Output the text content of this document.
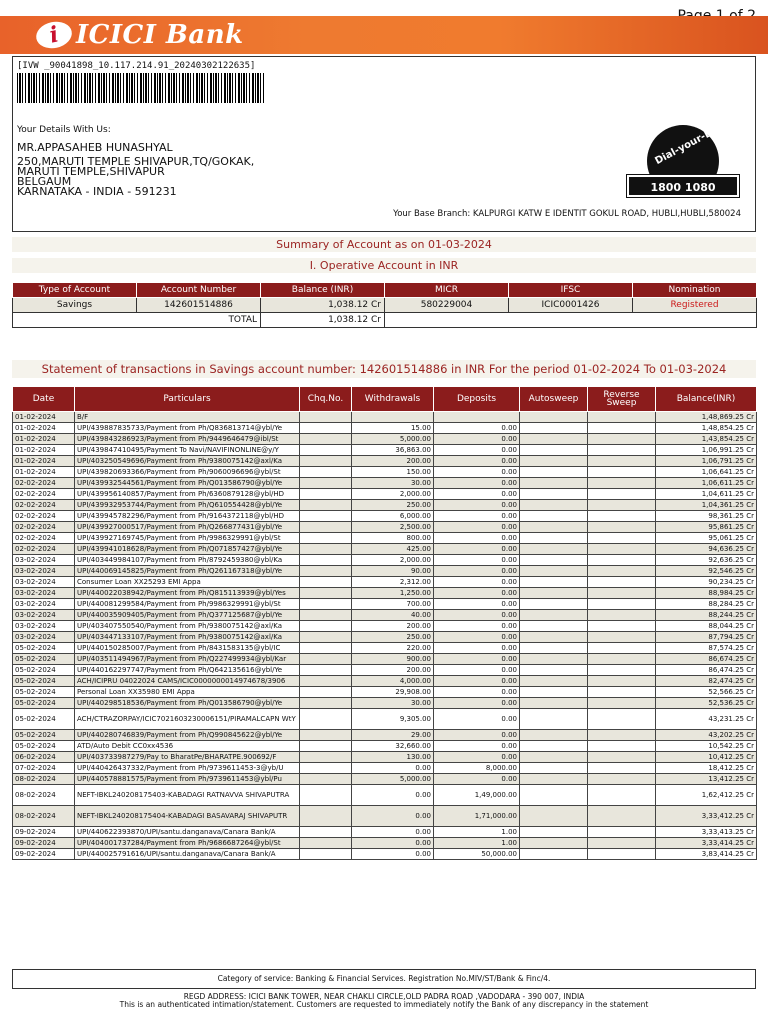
i ICICI Bank
[IVW _90041898_10.117.214.91_20240302122635]
Your Details With Us:
MR.APPASAHEB HUNASHYAL
250,MARUTI TEMPLE SHIVAPUR,TQ/GOKAK,
MARUTI TEMPLE,SHIVAPUR
BELGAUM
KARNATAKA - INDIA - 591231
Dial-your-Bank
1800 1080
Your Base Branch: KALPURGI KATW E IDENTIT GOKUL ROAD, HUBLI,HUBLI,580024
Summary of Account as on 01-03-2024
I. Operative Account in INR
Type of Account	Account Number	Balance (INR)	MICR	IFSC	Nomination
Savings	142601514886	1,038.12 Cr	580229004	ICIC0001426	Registered
TOTAL		1,038.12 Cr			
Statement of transactions in Savings account number: 142601514886 in INR For the period 01-02-2024 To 01-03-2024
Date	Particulars	Chq.No.	Withdrawals	Deposits	Autosweep	Reverse Sweep	Balance(INR)
01-02-2024	B/F						1,48,869.25 Cr
01-02-2024	UPI/439887835733/Payment from Ph/Q836813714@ybl/Ye		15.00	0.00			1,48,854.25 Cr
01-02-2024	UPI/439843286923/Payment from Ph/9449646479@ibl/St		5,000.00	0.00			1,43,854.25 Cr
01-02-2024	UPI/439847410495/Payment To Navi/NAVIFINONLINE@y/Y		36,863.00	0.00			1,06,991.25 Cr
01-02-2024	UPI/403250549696/Payment from Ph/9380075142@axl/Ka		200.00	0.00			1,06,791.25 Cr
01-02-2024	UPI/439820693366/Payment from Ph/9060096696@ybl/St		150.00	0.00			1,06,641.25 Cr
02-02-2024	UPI/439932544561/Payment from Ph/Q013586790@ybl/Ye		30.00	0.00			1,06,611.25 Cr
02-02-2024	UPI/439956140857/Payment from Ph/6360879128@ybl/HD		2,000.00	0.00			1,04,611.25 Cr
02-02-2024	UPI/439932953744/Payment from Ph/Q610554428@ybl/Ye		250.00	0.00			1,04,361.25 Cr
02-02-2024	UPI/439945782296/Payment from Ph/9164372118@ybl/HD		6,000.00	0.00			98,361.25 Cr
02-02-2024	UPI/439927000517/Payment from Ph/Q266877431@ybl/Ye		2,500.00	0.00			95,861.25 Cr
02-02-2024	UPI/439927169745/Payment from Ph/9986329991@ybl/St		800.00	0.00			95,061.25 Cr
02-02-2024	UPI/439941018628/Payment from Ph/Q071857427@ybl/Ye		425.00	0.00			94,636.25 Cr
03-02-2024	UPI/403449984107/Payment from Ph/8792459380@ybl/Ka		2,000.00	0.00			92,636.25 Cr
03-02-2024	UPI/440069145825/Payment from Ph/Q261167318@ybl/Ye		90.00	0.00			92,546.25 Cr
03-02-2024	Consumer Loan XX25293 EMI Appa		2,312.00	0.00			90,234.25 Cr
03-02-2024	UPI/440022038942/Payment from Ph/Q815113939@ybl/Yes		1,250.00	0.00			88,984.25 Cr
03-02-2024	UPI/440081299584/Payment from Ph/9986329991@ybl/St		700.00	0.00			88,284.25 Cr
03-02-2024	UPI/440035909405/Payment from Ph/Q377125687@ybl/Ye		40.00	0.00			88,244.25 Cr
03-02-2024	UPI/403407550540/Payment from Ph/9380075142@axl/Ka		200.00	0.00			88,044.25 Cr
03-02-2024	UPI/403447133107/Payment from Ph/9380075142@axl/Ka		250.00	0.00			87,794.25 Cr
05-02-2024	UPI/440150285007/Payment from Ph/8431583135@ybl/IC		220.00	0.00			87,574.25 Cr
05-02-2024	UPI/403511494967/Payment from Ph/Q227499934@ybl/Kar		900.00	0.00			86,674.25 Cr
05-02-2024	UPI/440162297747/Payment from Ph/Q642135616@ybl/Ye		200.00	0.00			86,474.25 Cr
05-02-2024	ACH/ICIPRU 04022024 CAMS/ICIC0000000014974678/3906		4,000.00	0.00			82,474.25 Cr
05-02-2024	Personal Loan XX35980 EMI Appa		29,908.00	0.00			52,566.25 Cr
05-02-2024	UPI/440298518536/Payment from Ph/Q013586790@ybl/Ye		30.00	0.00			52,536.25 Cr
05-02-2024	ACH/CTRAZORPAY/ICIC7021603230006151/PIRAMALCAPN WtY		9,305.00	0.00			43,231.25 Cr
05-02-2024	UPI/440280746839/Payment from Ph/Q990845622@ybl/Ye		29.00	0.00			43,202.25 Cr
05-02-2024	ATD/Auto Debit CC0xx4536		32,660.00	0.00			10,542.25 Cr
06-02-2024	UPI/403733987279/Pay to BharatPe/BHARATPE.900692/F		130.00	0.00			10,412.25 Cr
07-02-2024	UPI/440426437332/Payment from Ph/9739611453-3@yb/U		0.00	8,000.00			18,412.25 Cr
08-02-2024	UPI/440578881575/Payment from Ph/9739611453@ybl/Pu		5,000.00	0.00			13,412.25 Cr
08-02-2024	NEFT-IBKL240208175403-KABADAGI RATNAVVA SHIVAPUTRA		0.00	1,49,000.00			1,62,412.25 Cr
08-02-2024	NEFT-IBKL240208175404-KABADAGI BASAVARAJ SHIVAPUTR		0.00	1,71,000.00			3,33,412.25 Cr
09-02-2024	UPI/440622393870/UPI/santu.danganava/Canara Bank/A		0.00	1.00			3,33,413.25 Cr
09-02-2024	UPI/404001737284/Payment from Ph/9686687264@ybl/St		0.00	1.00			3,33,414.25 Cr
09-02-2024	UPI/440025791616/UPI/santu.danganava/Canara Bank/A		0.00	50,000.00			3,83,414.25 Cr
Category of service: Banking & Financial Services. Registration No.MIV/ST/Bank & Finc/4.
REGD ADDRESS: ICICI BANK TOWER, NEAR CHAKLI CIRCLE,OLD PADRA ROAD ,VADODARA - 390 007, INDIA
This is an authenticated intimation/statement. Customers are requested to immediately notify the Bank of any discrepancy in the statement
